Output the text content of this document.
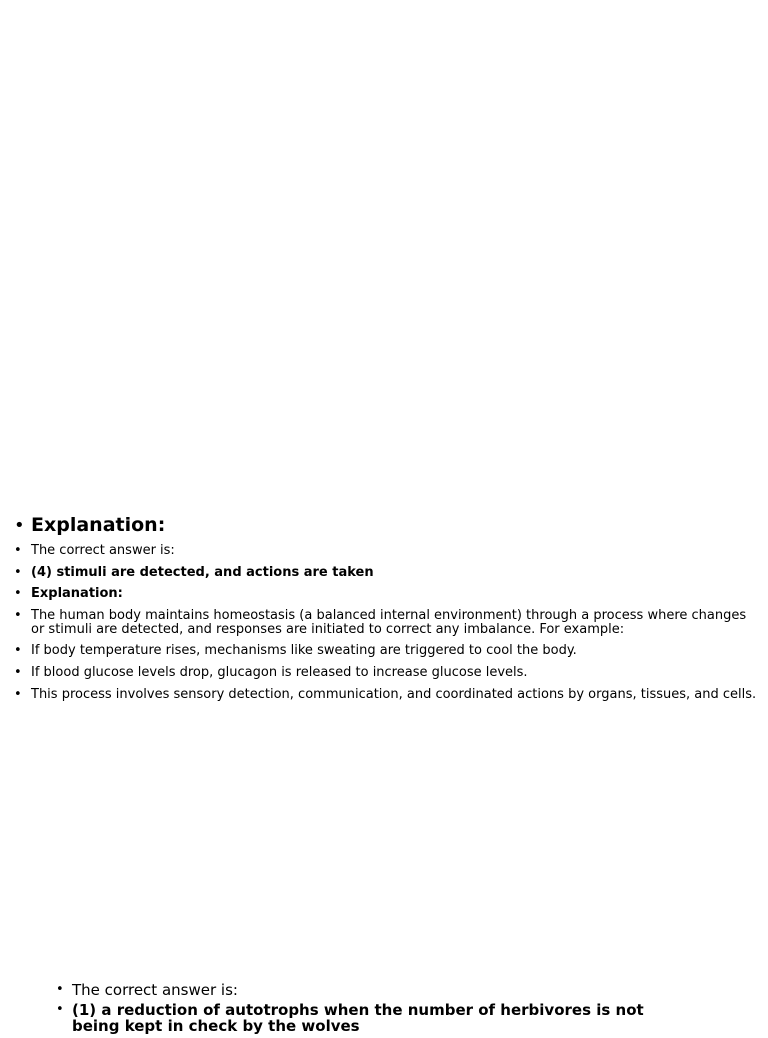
• Explanation:
• The correct answer is:
• (4) stimuli are detected, and actions are taken
• Explanation:
• The human body maintains homeostasis (a balanced internal environment) through a process where changes or stimuli are detected, and responses are initiated to correct any imbalance. For example:
• If body temperature rises, mechanisms like sweating are triggered to cool the body.
• If blood glucose levels drop, glucagon is released to increase glucose levels.
• This process involves sensory detection, communication, and coordinated actions by organs, tissues, and cells.
• The correct answer is:
• (1) a reduction of autotrophs when the number of herbivores is not being kept in check by the wolves
